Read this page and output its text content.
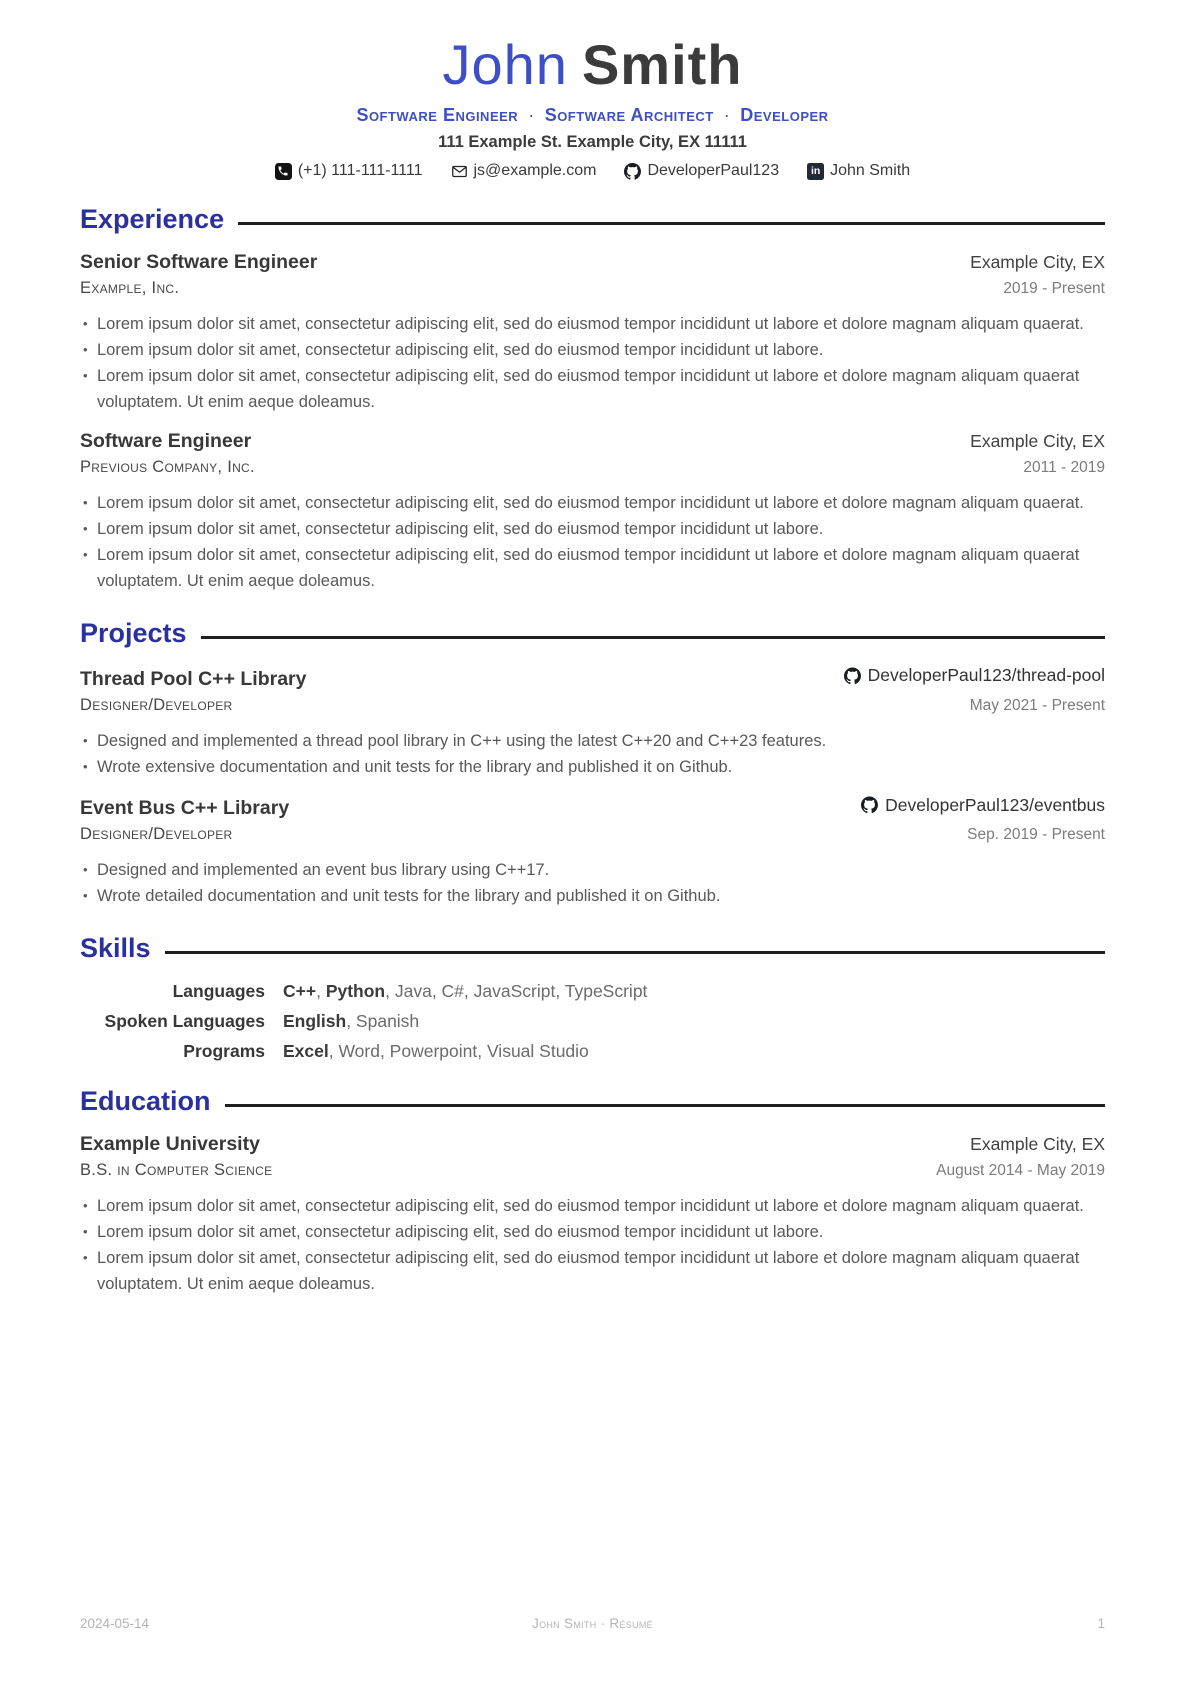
John Smith
Software Engineer · Software Architect · Developer
111 Example St. Example City, EX 11111
(+1) 111-111-1111	js@example.com	DeveloperPaul123 in	John Smith
Experience
Senior Software Engineer	Example City, EX
Example, Inc.	2019 - Present
• Lorem ipsum dolor sit amet, consectetur adipiscing elit, sed do eiusmod tempor incididunt ut labore et dolore magnam aliquam quaerat.
• Lorem ipsum dolor sit amet, consectetur adipiscing elit, sed do eiusmod tempor incididunt ut labore.
• Lorem ipsum dolor sit amet, consectetur adipiscing elit, sed do eiusmod tempor incididunt ut labore et dolore magnam aliquam quaerat voluptatem. Ut enim aeque doleamus.
Software Engineer	Example City, EX
Previous Company, Inc.	2011 - 2019
• Lorem ipsum dolor sit amet, consectetur adipiscing elit, sed do eiusmod tempor incididunt ut labore et dolore magnam aliquam quaerat.
• Lorem ipsum dolor sit amet, consectetur adipiscing elit, sed do eiusmod tempor incididunt ut labore.
• Lorem ipsum dolor sit amet, consectetur adipiscing elit, sed do eiusmod tempor incididunt ut labore et dolore magnam aliquam quaerat voluptatem. Ut enim aeque doleamus.
Projects
Thread Pool C++ Library	DeveloperPaul123/thread-pool
Designer/Developer	May 2021 - Present
• Designed and implemented a thread pool library in C++ using the latest C++20 and C++23 features.
• Wrote extensive documentation and unit tests for the library and published it on Github.
Event Bus C++ Library	DeveloperPaul123/eventbus
Designer/Developer	Sep. 2019 - Present
• Designed and implemented an event bus library using C++17.
• Wrote detailed documentation and unit tests for the library and published it on Github.
Skills
Languages C++, Python, Java, C#, JavaScript, TypeScript
Spoken Languages English, Spanish
Programs Excel, Word, Powerpoint, Visual Studio
Education
Example University	Example City, EX
B.S. in Computer Science	August 2014 - May 2019
• Lorem ipsum dolor sit amet, consectetur adipiscing elit, sed do eiusmod tempor incididunt ut labore et dolore magnam aliquam quaerat.
• Lorem ipsum dolor sit amet, consectetur adipiscing elit, sed do eiusmod tempor incididunt ut labore.
• Lorem ipsum dolor sit amet, consectetur adipiscing elit, sed do eiusmod tempor incididunt ut labore et dolore magnam aliquam quaerat voluptatem. Ut enim aeque doleamus.
2024-05-14	John Smith · Résumé	1
